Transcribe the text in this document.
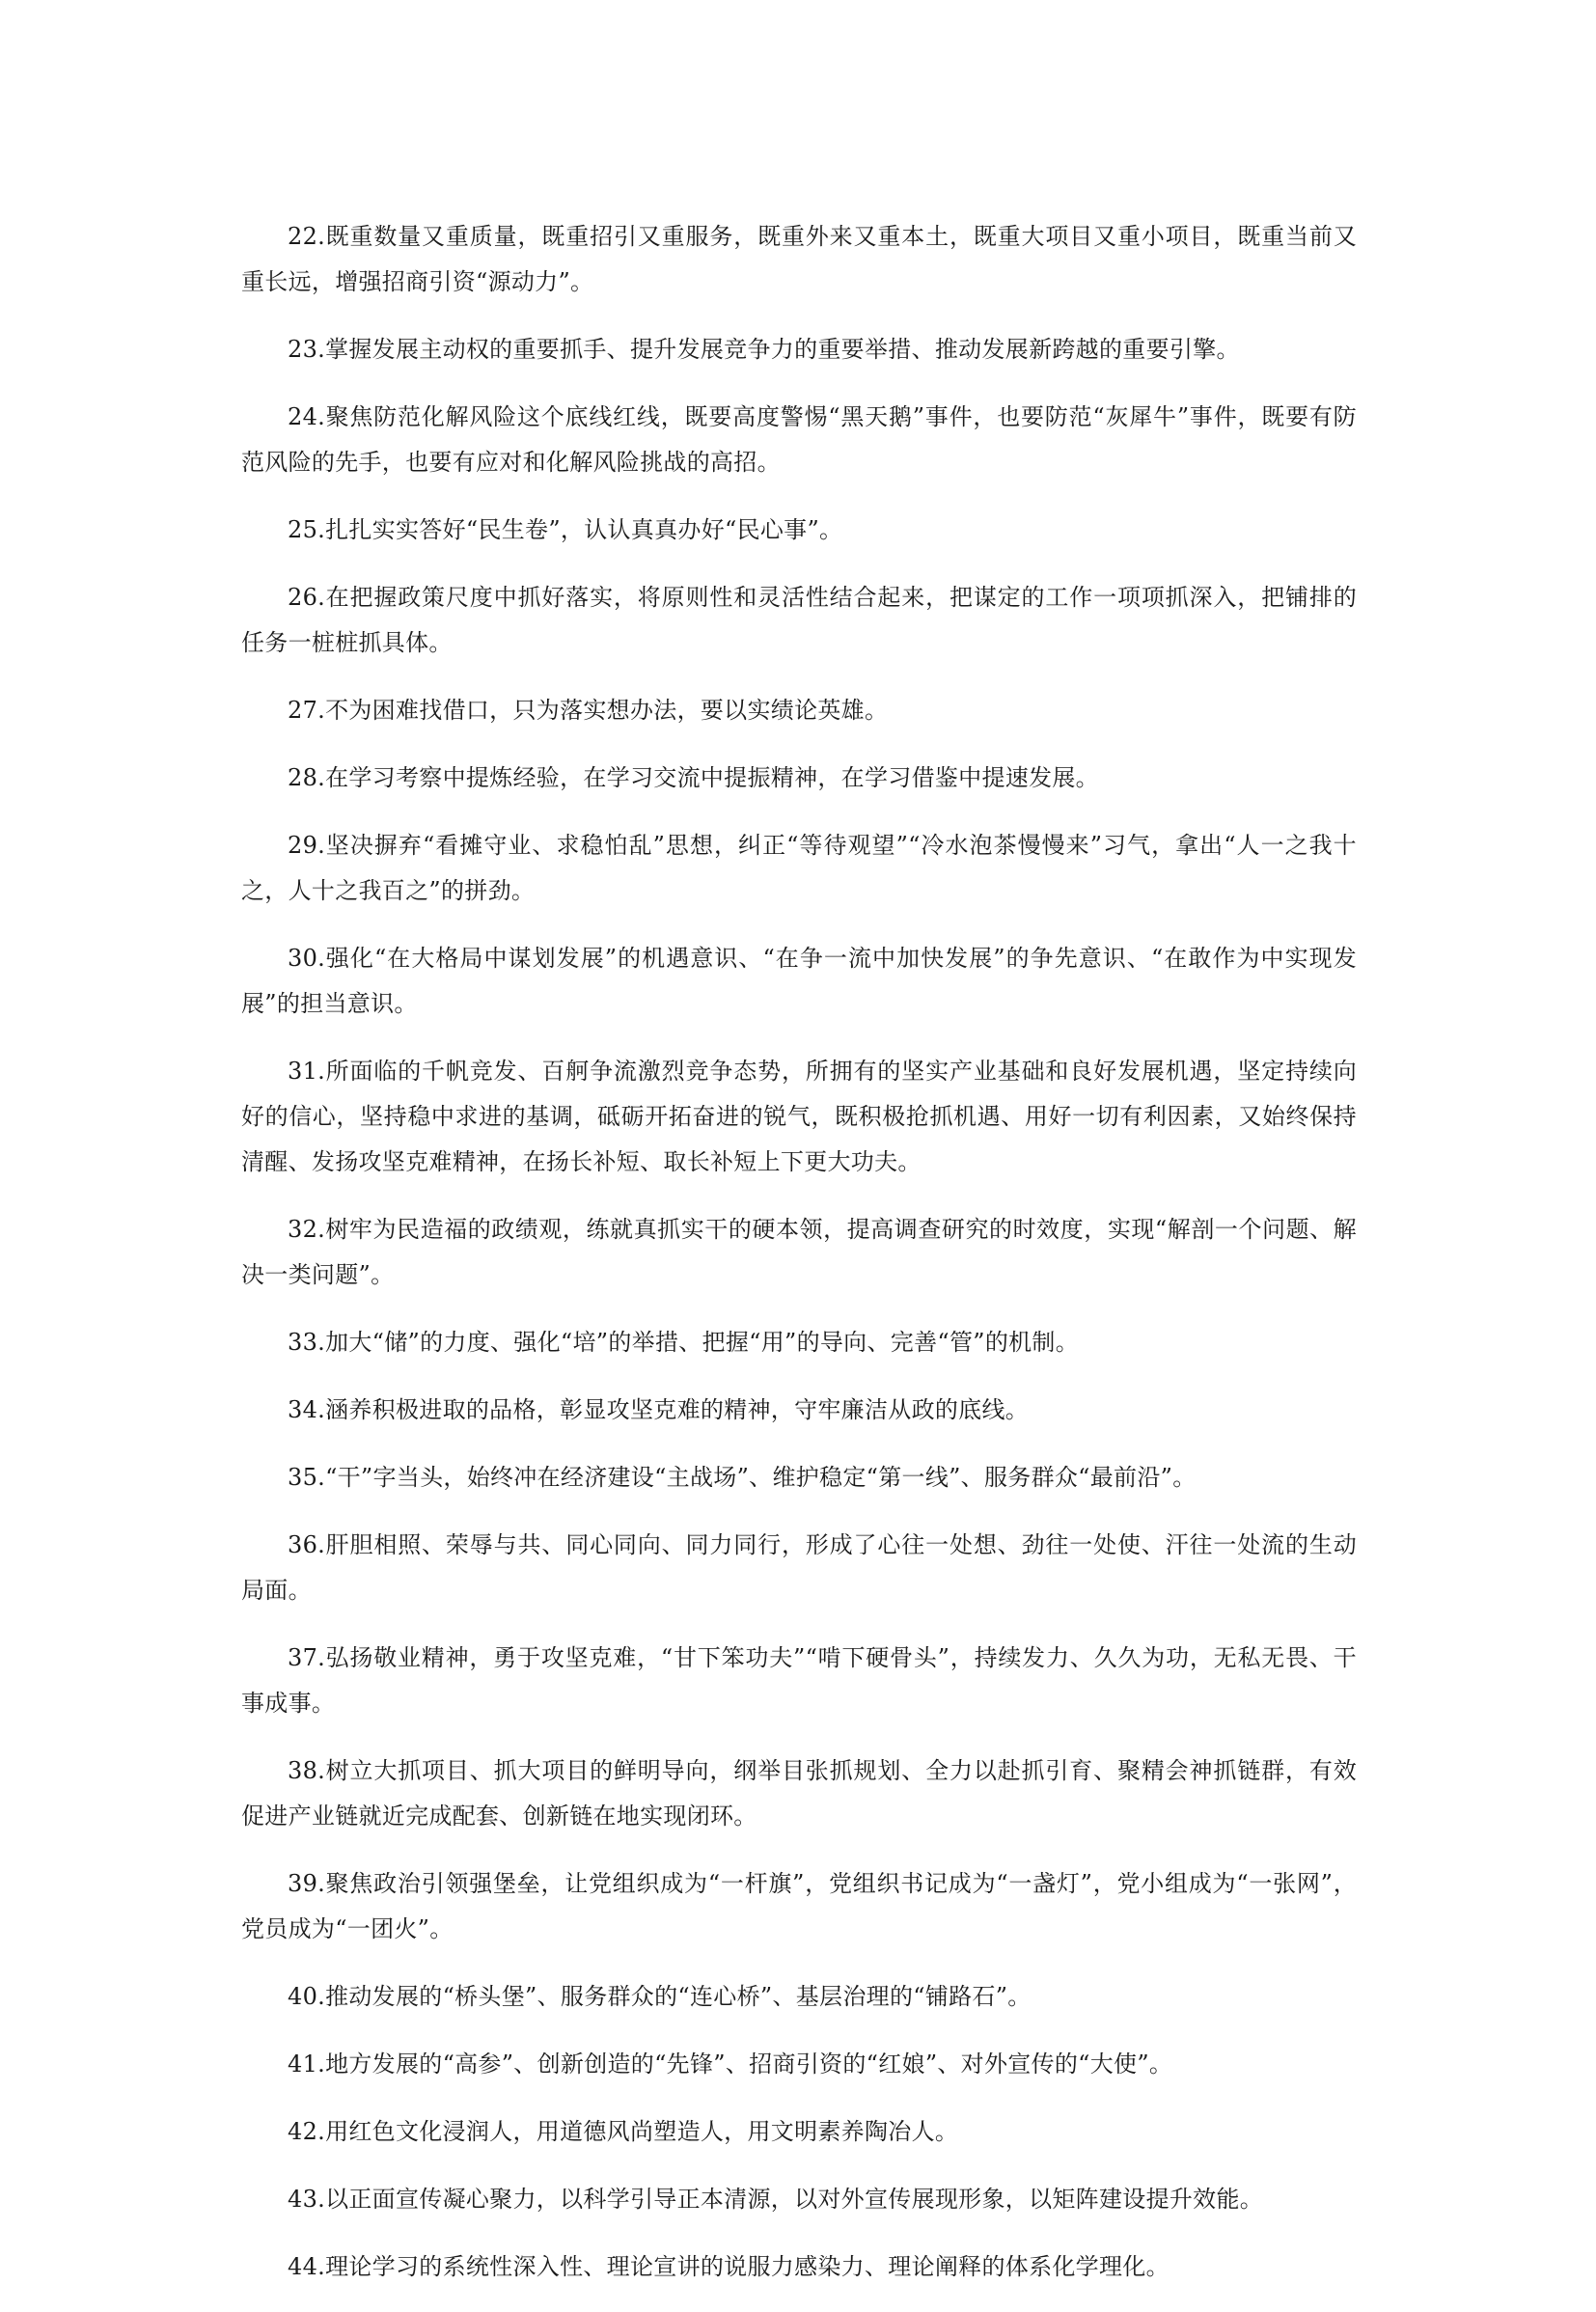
22.既重数量又重质量，既重招引又重服务，既重外来又重本土，既重大项目又重小项目，既重当前又重长远，增强招商引资“源动力”。

23.掌握发展主动权的重要抓手、提升发展竞争力的重要举措、推动发展新跨越的重要引擎。

24.聚焦防范化解风险这个底线红线，既要高度警惕“黑天鹅”事件，也要防范“灰犀牛”事件，既要有防范风险的先手，也要有应对和化解风险挑战的高招。

25.扎扎实实答好“民生卷”，认认真真办好“民心事”。

26.在把握政策尺度中抓好落实，将原则性和灵活性结合起来，把谋定的工作一项项抓深入，把铺排的任务一桩桩抓具体。

27.不为困难找借口，只为落实想办法，要以实绩论英雄。

28.在学习考察中提炼经验，在学习交流中提振精神，在学习借鉴中提速发展。

29.坚决摒弃“看摊守业、求稳怕乱”思想，纠正“等待观望”“冷水泡茶慢慢来”习气，拿出“人一之我十之，人十之我百之”的拼劲。

30.强化“在大格局中谋划发展”的机遇意识、“在争一流中加快发展”的争先意识、“在敢作为中实现发展”的担当意识。

31.所面临的千帆竞发、百舸争流激烈竞争态势，所拥有的坚实产业基础和良好发展机遇，坚定持续向好的信心，坚持稳中求进的基调，砥砺开拓奋进的锐气，既积极抢抓机遇、用好一切有利因素，又始终保持清醒、发扬攻坚克难精神，在扬长补短、取长补短上下更大功夫。

32.树牢为民造福的政绩观，练就真抓实干的硬本领，提高调查研究的时效度，实现“解剖一个问题、解决一类问题”。

33.加大“储”的力度、强化“培”的举措、把握“用”的导向、完善“管”的机制。

34.涵养积极进取的品格，彰显攻坚克难的精神，守牢廉洁从政的底线。

35.“干”字当头，始终冲在经济建设“主战场”、维护稳定“第一线”、服务群众“最前沿”。

36.肝胆相照、荣辱与共、同心同向、同力同行，形成了心往一处想、劲往一处使、汗往一处流的生动局面。

37.弘扬敬业精神，勇于攻坚克难，“甘下笨功夫”“啃下硬骨头”，持续发力、久久为功，无私无畏、干事成事。

38.树立大抓项目、抓大项目的鲜明导向，纲举目张抓规划、全力以赴抓引育、聚精会神抓链群，有效促进产业链就近完成配套、创新链在地实现闭环。

39.聚焦政治引领强堡垒，让党组织成为“一杆旗”，党组织书记成为“一盏灯”，党小组成为“一张网”，党员成为“一团火”。

40.推动发展的“桥头堡”、服务群众的“连心桥”、基层治理的“铺路石”。

41.地方发展的“高参”、创新创造的“先锋”、招商引资的“红娘”、对外宣传的“大使”。

42.用红色文化浸润人，用道德风尚塑造人，用文明素养陶冶人。

43.以正面宣传凝心聚力，以科学引导正本清源，以对外宣传展现形象，以矩阵建设提升效能。

44.理论学习的系统性深入性、理论宣讲的说服力感染力、理论阐释的体系化学理化。
